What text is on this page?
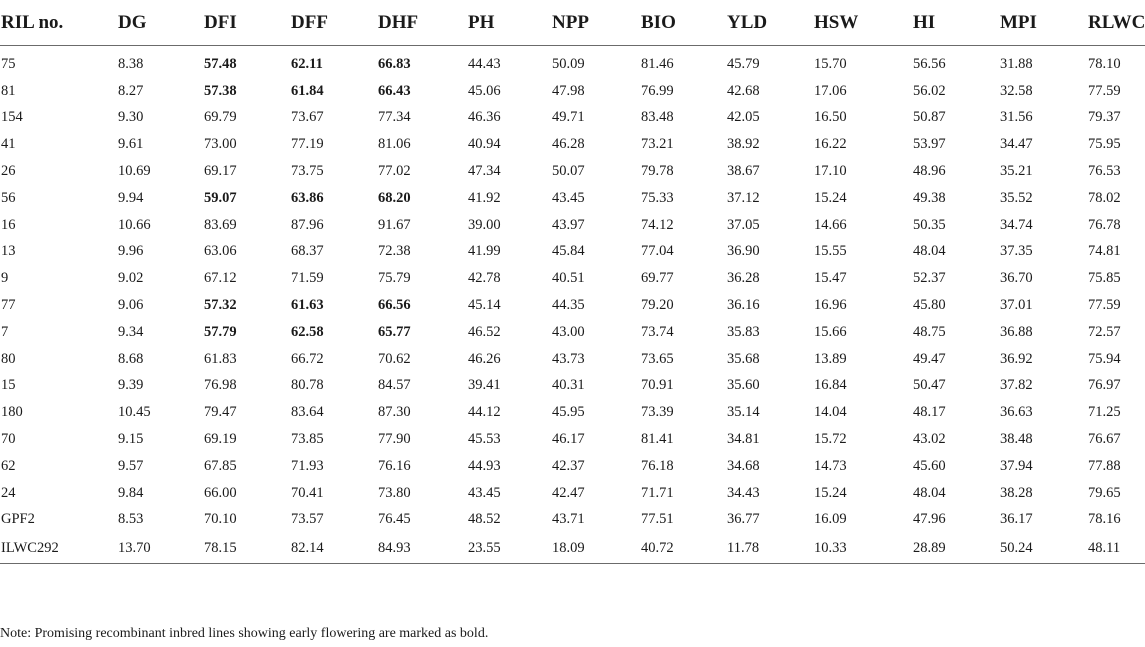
RIL no.	DG	DFI	DFF	DHF	PH	NPP	BIO	YLD	HSW	HI	MPI	RLWC

75	8.38	57.48	62.11	66.83	44.43	50.09	81.46	45.79	15.70	56.56	31.88	78.10
81	8.27	57.38	61.84	66.43	45.06	47.98	76.99	42.68	17.06	56.02	32.58	77.59
154	9.30	69.79	73.67	77.34	46.36	49.71	83.48	42.05	16.50	50.87	31.56	79.37
41	9.61	73.00	77.19	81.06	40.94	46.28	73.21	38.92	16.22	53.97	34.47	75.95
26	10.69	69.17	73.75	77.02	47.34	50.07	79.78	38.67	17.10	48.96	35.21	76.53
56	9.94	59.07	63.86	68.20	41.92	43.45	75.33	37.12	15.24	49.38	35.52	78.02
16	10.66	83.69	87.96	91.67	39.00	43.97	74.12	37.05	14.66	50.35	34.74	76.78
13	9.96	63.06	68.37	72.38	41.99	45.84	77.04	36.90	15.55	48.04	37.35	74.81
9	9.02	67.12	71.59	75.79	42.78	40.51	69.77	36.28	15.47	52.37	36.70	75.85
77	9.06	57.32	61.63	66.56	45.14	44.35	79.20	36.16	16.96	45.80	37.01	77.59
7	9.34	57.79	62.58	65.77	46.52	43.00	73.74	35.83	15.66	48.75	36.88	72.57
80	8.68	61.83	66.72	70.62	46.26	43.73	73.65	35.68	13.89	49.47	36.92	75.94
15	9.39	76.98	80.78	84.57	39.41	40.31	70.91	35.60	16.84	50.47	37.82	76.97
180	10.45	79.47	83.64	87.30	44.12	45.95	73.39	35.14	14.04	48.17	36.63	71.25
70	9.15	69.19	73.85	77.90	45.53	46.17	81.41	34.81	15.72	43.02	38.48	76.67
62	9.57	67.85	71.93	76.16	44.93	42.37	76.18	34.68	14.73	45.60	37.94	77.88
24	9.84	66.00	70.41	73.80	43.45	42.47	71.71	34.43	15.24	48.04	38.28	79.65
GPF2	8.53	70.10	73.57	76.45	48.52	43.71	77.51	36.77	16.09	47.96	36.17	78.16
ILWC292	13.70	78.15	82.14	84.93	23.55	18.09	40.72	11.78	10.33	28.89	50.24	48.11
Note: Promising recombinant inbred lines showing early flowering are marked as bold.
